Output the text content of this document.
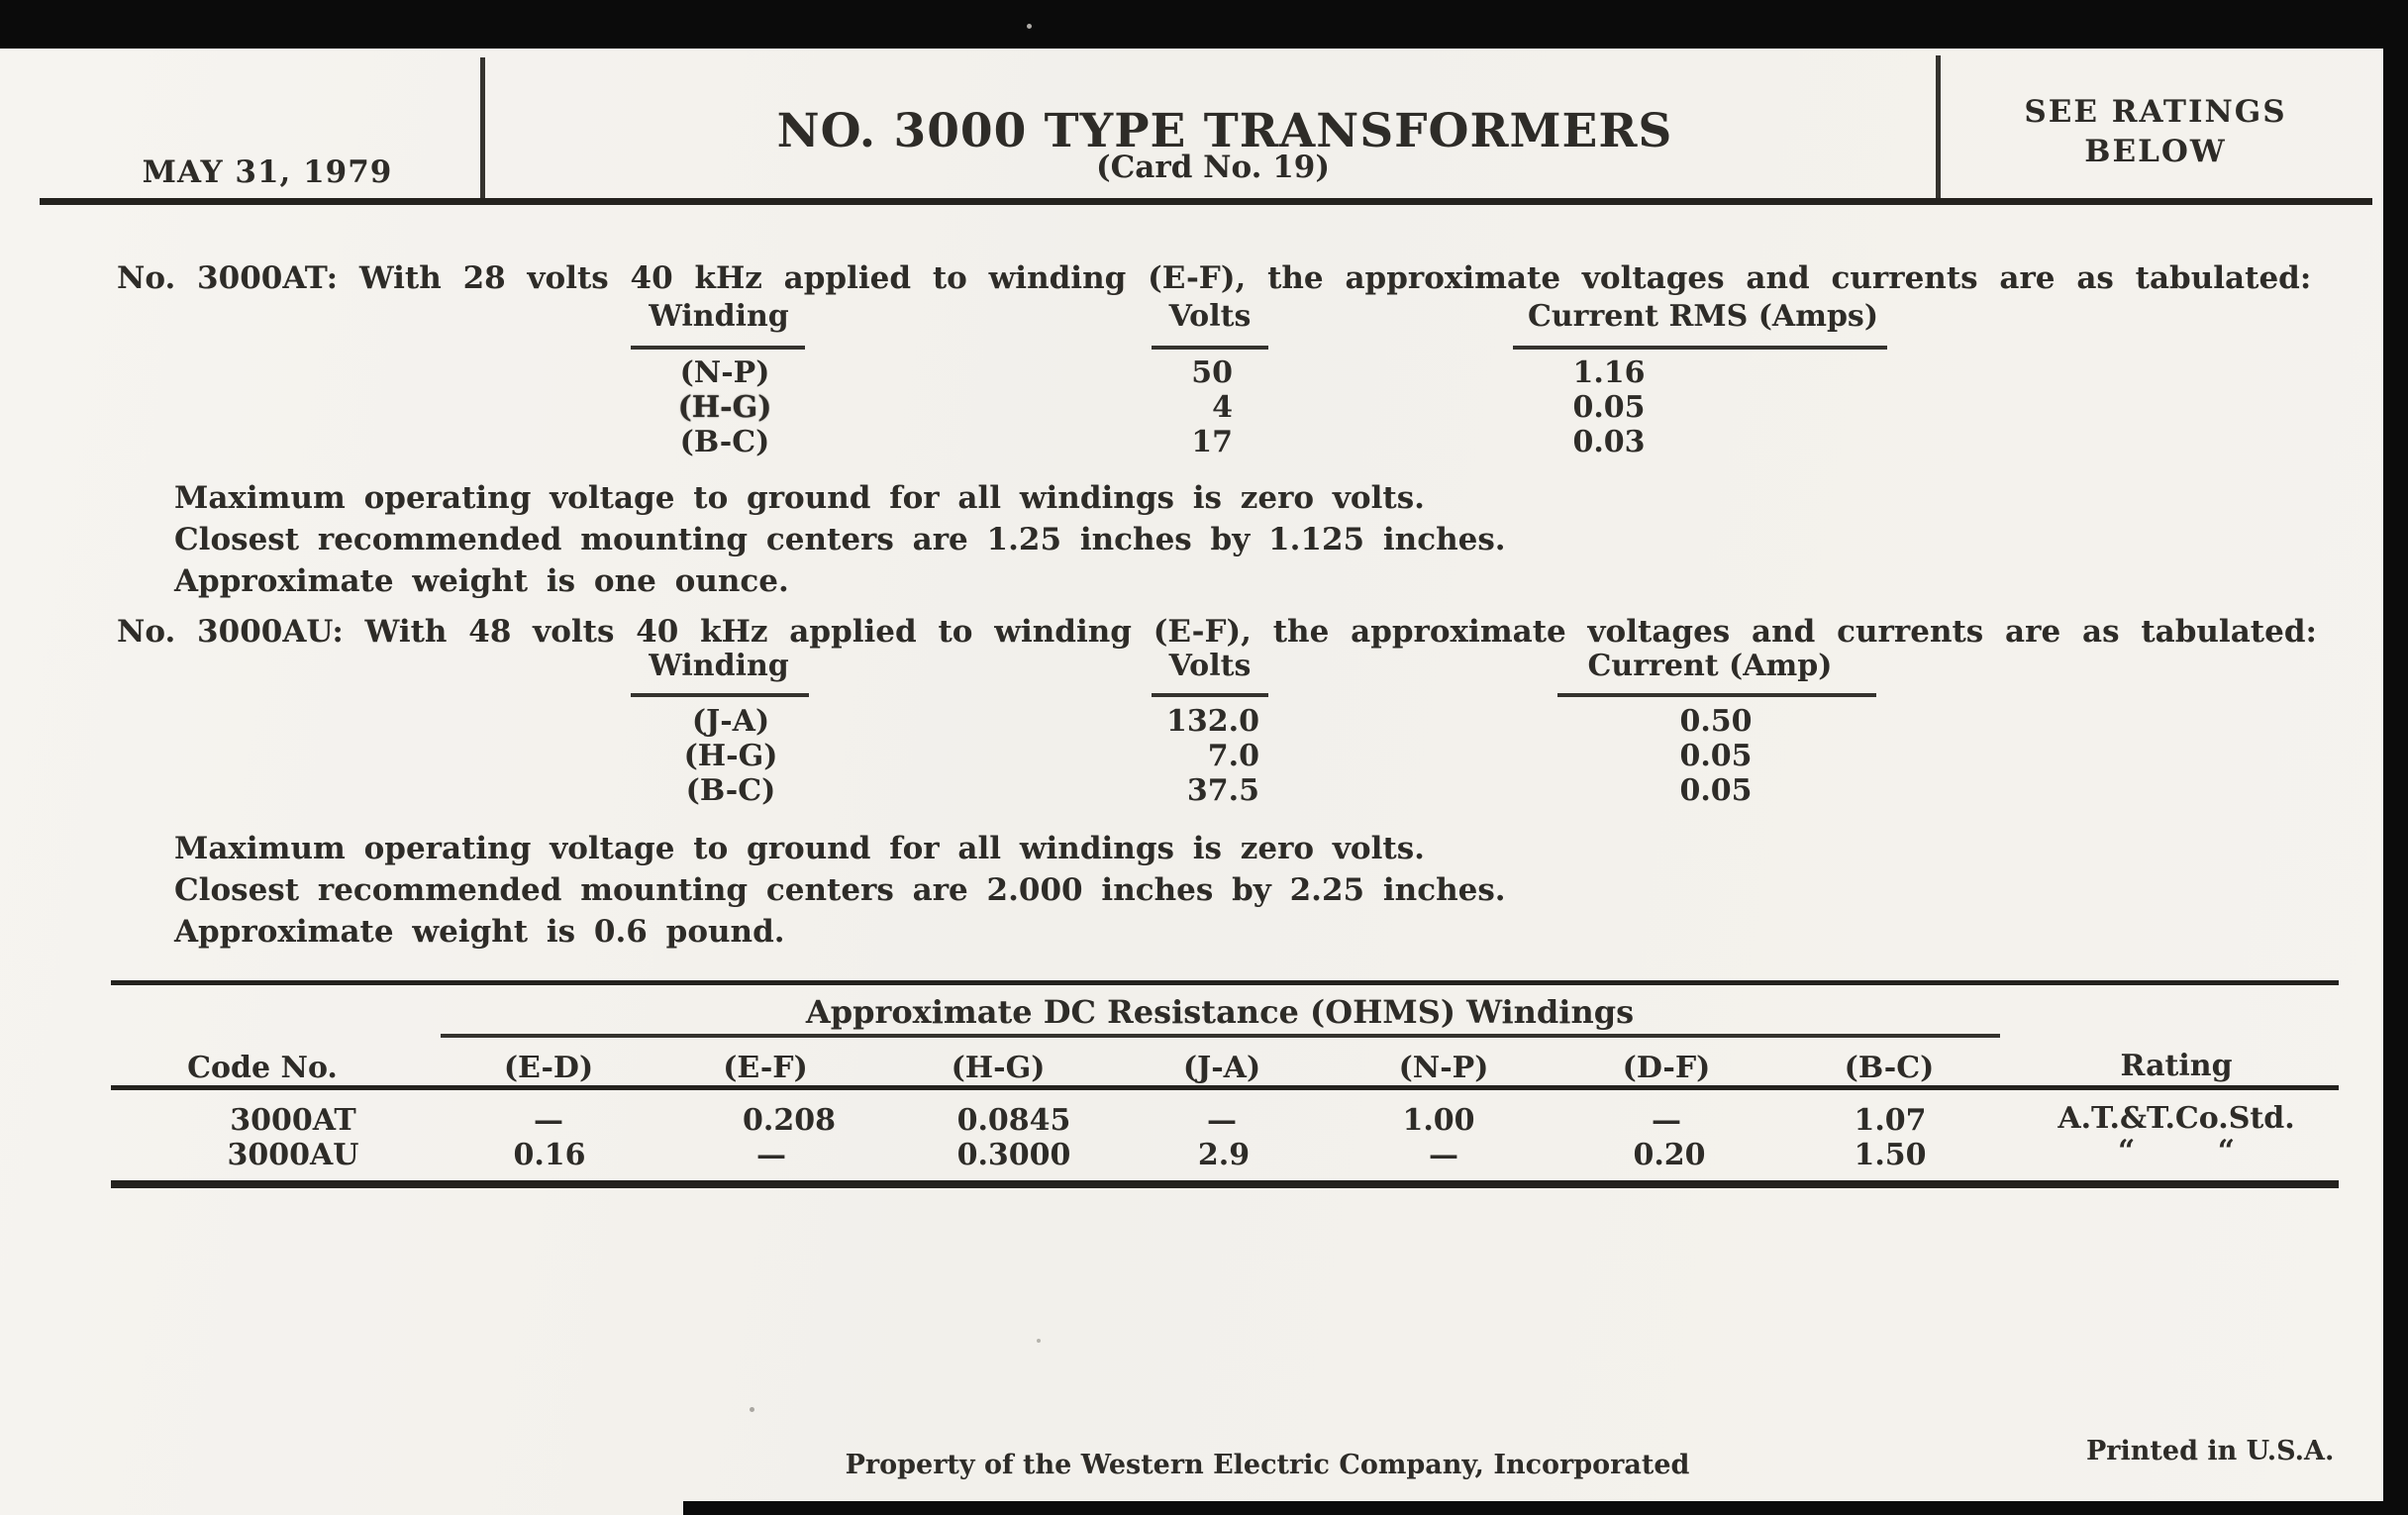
MAY 31, 1979
NO. 3000 TYPE TRANSFORMERS
(Card No. 19)
SEE RATINGS
BELOW
No. 3000AT: With 28 volts 40 kHz applied to winding (E-F), the approximate voltages and currents are as tabulated:
Winding	Volts	Current RMS (Amps)
(N-P)	50	1.16
(H-G)	4	0.05
(B-C)	17	0.03
Maximum operating voltage to ground for all windings is zero volts.
Closest recommended mounting centers are 1.25 inches by 1.125 inches.
Approximate weight is one ounce.
No. 3000AU: With 48 volts 40 kHz applied to winding (E-F), the approximate voltages and currents are as tabulated:
Winding	Volts	Current (Amp)
(J-A)	132.0	0.50
(H-G)	7.0	0.05
(B-C)	37.5	0.05
Maximum operating voltage to ground for all windings is zero volts.
Closest recommended mounting centers are 2.000 inches by 2.25 inches.
Approximate weight is 0.6 pound.
Approximate DC Resistance (OHMS) Windings
Code No.	(E-D)	(E-F)	(H-G)	(J-A)	(N-P)	(D-F)	(B-C)	Rating
3000AT	—	0.208	0.0845	—	1.00	—	1.07	A.T.&T.Co.Std.
3000AU	0.16	—	0.3000	2.9	—	0.20	1.50	“        “
Property of the Western Electric Company, Incorporated	Printed in U.S.A.
